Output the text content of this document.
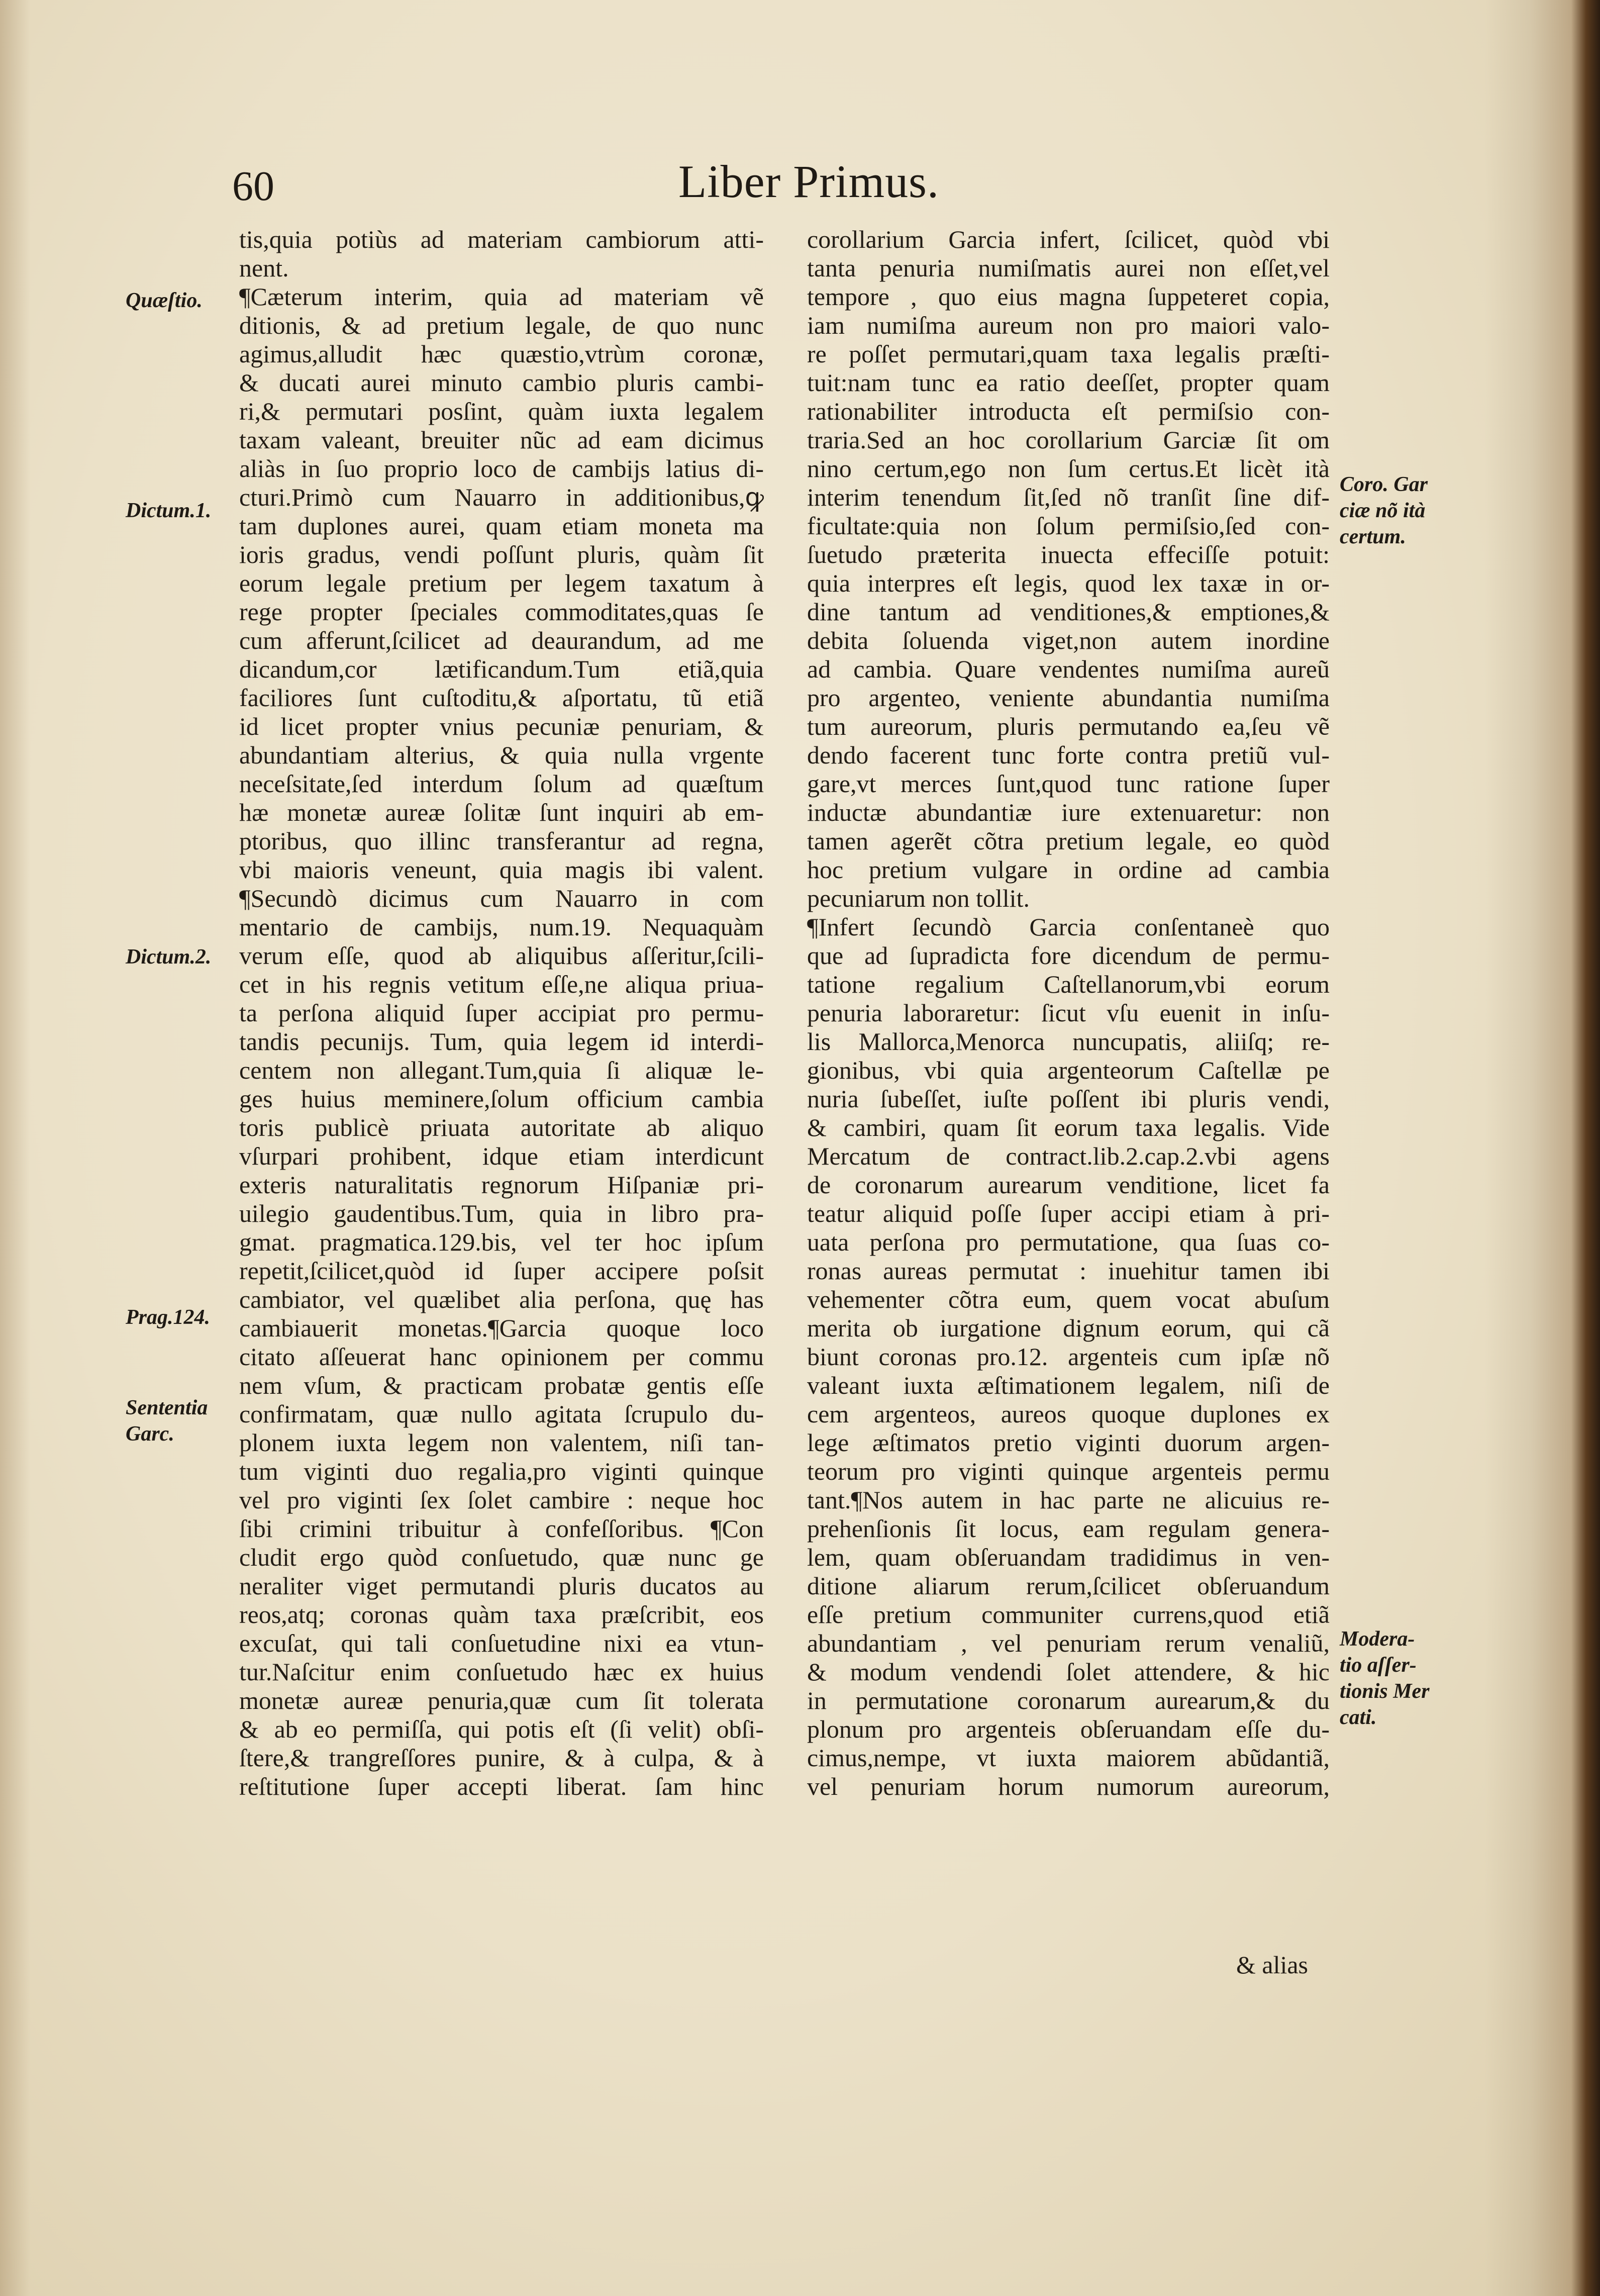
60	Liber Primus.
tis,quia potiùs ad materiam cambiorum atti-
nent.
¶Cæterum interim, quia ad materiam vẽ
ditionis, & ad pretium legale, de quo nunc
agimus,alludit hæc quæstio,vtrùm coronæ,
& ducati aurei minuto cambio pluris cambi-
ri,& permutari posſint, quàm iuxta legalem
taxam valeant, breuiter nũc ad eam dicimus
aliàs in ſuo proprio loco de cambijs latius di-
cturi.Primò cum Nauarro in additionibus,ꝙ
tam duplones aurei, quam etiam moneta ma
ioris gradus, vendi poſſunt pluris, quàm ſit
eorum legale pretium per legem taxatum à
rege propter ſpeciales commoditates,quas ſe
cum afferunt,ſcilicet ad deaurandum, ad me
dicandum,cor lætificandum.Tum etiã,quia
faciliores ſunt cuſtoditu,& aſportatu, tũ etiã
id licet propter vnius pecuniæ penuriam, &
abundantiam alterius, & quia nulla vrgente
neceſsitate,ſed interdum ſolum ad quæſtum
hæ monetæ aureæ ſolitæ ſunt inquiri ab em-
ptoribus, quo illinc transferantur ad regna,
vbi maioris veneunt, quia magis ibi valent.
¶Secundò dicimus cum Nauarro in com
mentario de cambijs, num.19. Nequaquàm
verum eſſe, quod ab aliquibus aſſeritur,ſcili-
cet in his regnis vetitum eſſe,ne aliqua priua-
ta perſona aliquid ſuper accipiat pro permu-
tandis pecunijs. Tum, quia legem id interdi-
centem non allegant.Tum,quia ſi aliquæ le-
ges huius meminere,ſolum officium cambia
toris publicè priuata autoritate ab aliquo
vſurpari prohibent, idque etiam interdicunt
exteris naturalitatis regnorum Hiſpaniæ pri-
uilegio gaudentibus.Tum, quia in libro pra-
gmat. pragmatica.129.bis, vel ter hoc ipſum
repetit,ſcilicet,quòd id ſuper accipere poſsit
cambiator, vel quælibet alia perſona, quę has
cambiauerit monetas.¶Garcia quoque loco
citato aſſeuerat hanc opinionem per commu
nem vſum, & practicam probatæ gentis eſſe
confirmatam, quæ nullo agitata ſcrupulo du-
plonem iuxta legem non valentem, niſi tan-
tum viginti duo regalia,pro viginti quinque
vel pro viginti ſex ſolet cambire : neque hoc
ſibi crimini tribuitur à confeſſoribus. ¶Con
cludit ergo quòd conſuetudo, quæ nunc ge
neraliter viget permutandi pluris ducatos au
reos,atq; coronas quàm taxa præſcribit, eos
excuſat, qui tali conſuetudine nixi ea vtun-
tur.Naſcitur enim conſuetudo hæc ex huius
monetæ aureæ penuria,quæ cum ſit tolerata
& ab eo permiſſa, qui potis eſt (ſi velit) obſi-
ſtere,& trangreſſores punire, & à culpa, & à
reſtitutione ſuper accepti liberat. ſam hinc
corollarium Garcia infert, ſcilicet, quòd vbi
tanta penuria numiſmatis aurei non eſſet,vel
tempore , quo eius magna ſuppeteret copia,
iam numiſma aureum non pro maiori valo-
re poſſet permutari,quam taxa legalis præſti-
tuit:nam tunc ea ratio deeſſet, propter quam
rationabiliter introducta eſt permiſsio con-
traria.Sed an hoc corollarium Garciæ ſit om
nino certum,ego non ſum certus.Et licèt ità
interim tenendum ſit,ſed nõ tranſit ſine dif-
ficultate:quia non ſolum permiſsio,ſed con-
ſuetudo præterita inuecta effeciſſe potuit:
quia interpres eſt legis, quod lex taxæ in or-
dine tantum ad venditiones,& emptiones,&
debita ſoluenda viget,non autem inordine
ad cambia. Quare vendentes numiſma aureũ
pro argenteo, veniente abundantia numiſma
tum aureorum, pluris permutando ea,ſeu vẽ
dendo facerent tunc forte contra pretiũ vul-
gare,vt merces ſunt,quod tunc ratione ſuper
inductæ abundantiæ iure extenuaretur: non
tamen agerẽt cõtra pretium legale, eo quòd
hoc pretium vulgare in ordine ad cambia
pecuniarum non tollit.
¶Infert ſecundò Garcia conſentaneè quo
que ad ſupradicta fore dicendum de permu-
tatione regalium Caſtellanorum,vbi eorum
penuria laboraretur: ſicut vſu euenit in inſu-
lis Mallorca,Menorca nuncupatis, aliiſq; re-
gionibus, vbi quia argenteorum Caſtellæ pe
nuria ſubeſſet, iuſte poſſent ibi pluris vendi,
& cambiri, quam ſit eorum taxa legalis. Vide
Mercatum de contract.lib.2.cap.2.vbi agens
de coronarum aurearum venditione, licet fa
teatur aliquid poſſe ſuper accipi etiam à pri-
uata perſona pro permutatione, qua ſuas co-
ronas aureas permutat : inuehitur tamen ibi
vehementer cõtra eum, quem vocat abuſum
merita ob iurgatione dignum eorum, qui cã
biunt coronas pro.12. argenteis cum ipſæ nõ
valeant iuxta æſtimationem legalem, niſi de
cem argenteos, aureos quoque duplones ex
lege æſtimatos pretio viginti duorum argen-
teorum pro viginti quinque argenteis permu
tant.¶Nos autem in hac parte ne alicuius re-
prehenſionis ſit locus, eam regulam genera-
lem, quam obſeruandam tradidimus in ven-
ditione aliarum rerum,ſcilicet obſeruandum
eſſe pretium communiter currens,quod etiã
abundantiam , vel penuriam rerum venaliũ,
& modum vendendi ſolet attendere, & hic
in permutatione coronarum aurearum,& du
plonum pro argenteis obſeruandam eſſe du-
cimus,nempe, vt iuxta maiorem abũdantiã,
vel penuriam horum numorum aureorum,
Quæſtio.
Dictum.1.
Dictum.2.
Prag.124.
Sententia
Garc.
Coro. Gar
ciæ nõ ità
certum.
Modera-
tio aſſer-
tionis Mer
cati.
& alias
